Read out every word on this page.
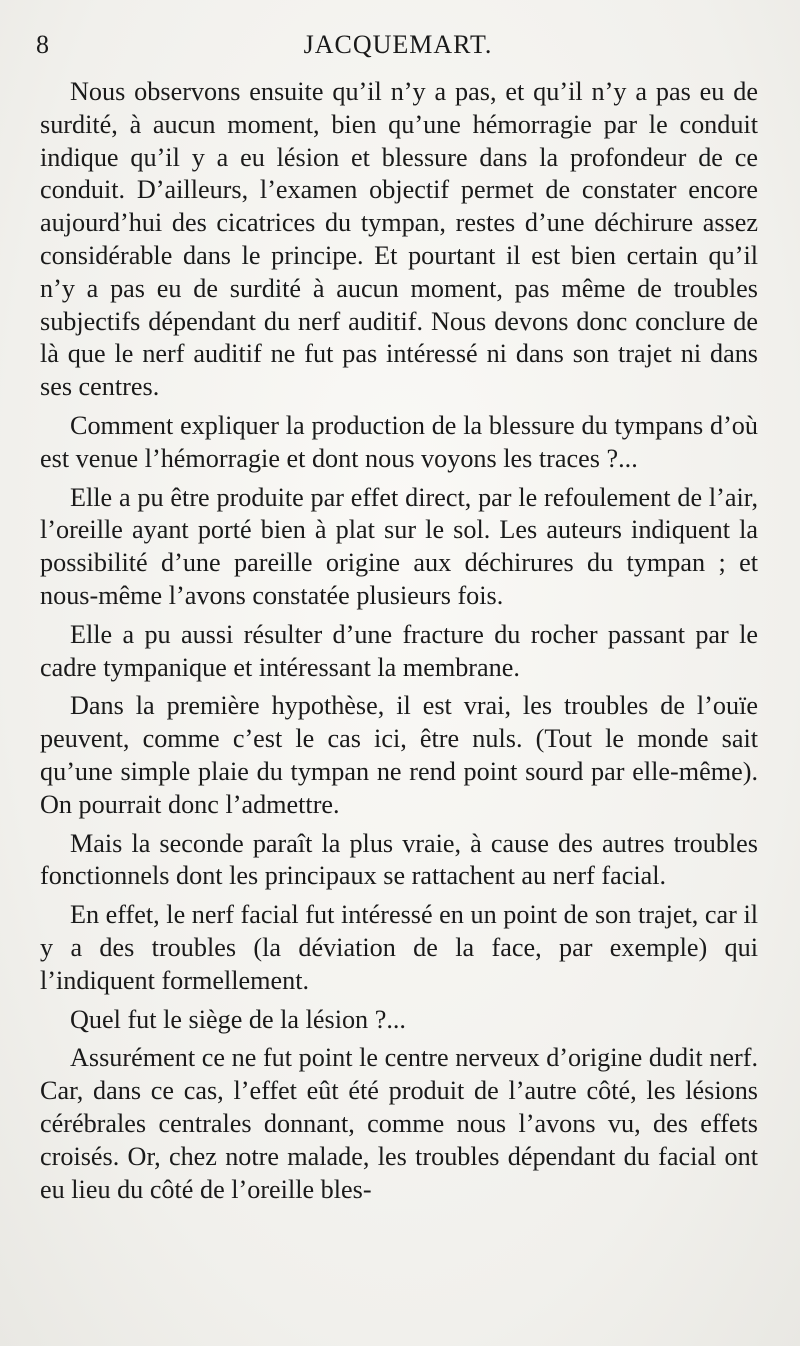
8	JACQUEMART.

Nous observons ensuite qu’il n’y a pas, et qu’il n’y a pas eu de surdité, à aucun moment, bien qu’une hémorragie par le conduit indique qu’il y a eu lésion et blessure dans la profondeur de ce conduit. D’ailleurs, l’examen objectif permet de constater encore aujourd’hui des cicatrices du tympan, restes d’une déchirure assez considérable dans le principe. Et pourtant il est bien certain qu’il n’y a pas eu de surdité à aucun moment, pas même de troubles subjectifs dépendant du nerf auditif. Nous devons donc conclure de là que le nerf auditif ne fut pas intéressé ni dans son trajet ni dans ses centres.

Comment expliquer la production de la blessure du tympans d’où est venue l’hémorragie et dont nous voyons les traces ?...

Elle a pu être produite par effet direct, par le refoulement de l’air, l’oreille ayant porté bien à plat sur le sol. Les auteurs indiquent la possibilité d’une pareille origine aux déchirures du tympan ; et nous-même l’avons constatée plusieurs fois.

Elle a pu aussi résulter d’une fracture du rocher passant par le cadre tympanique et intéressant la membrane.

Dans la première hypothèse, il est vrai, les troubles de l’ouïe peuvent, comme c’est le cas ici, être nuls. (Tout le monde sait qu’une simple plaie du tympan ne rend point sourd par elle-même). On pourrait donc l’admettre.

Mais la seconde paraît la plus vraie, à cause des autres troubles fonctionnels dont les principaux se rattachent au nerf facial.

En effet, le nerf facial fut intéressé en un point de son trajet, car il y a des troubles (la déviation de la face, par exemple) qui l’indiquent formellement.

Quel fut le siège de la lésion ?...

Assurément ce ne fut point le centre nerveux d’origine dudit nerf. Car, dans ce cas, l’effet eût été produit de l’autre côté, les lésions cérébrales centrales donnant, comme nous l’avons vu, des effets croisés. Or, chez notre malade, les troubles dépendant du facial ont eu lieu du côté de l’oreille bles-
